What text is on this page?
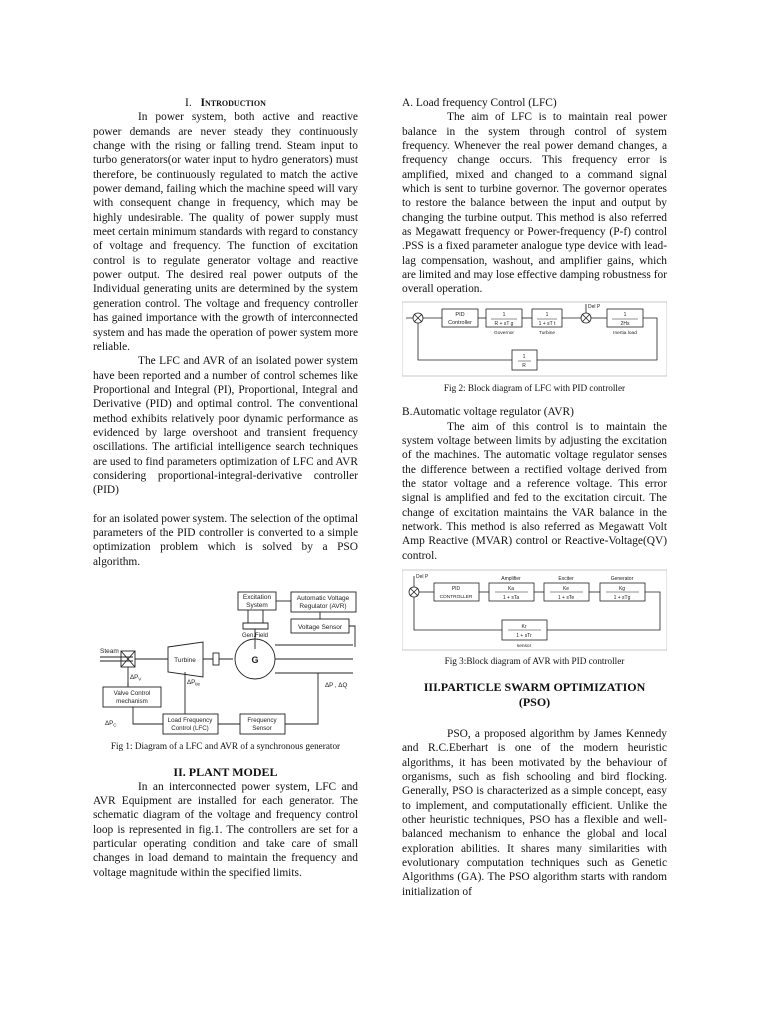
I. Introduction

In power system, both active and reactive power demands are never steady they continuously change with the rising or falling trend. Steam input to turbo generators(or water input to hydro generators) must therefore, be continuously regulated to match the active power demand, failing which the machine speed will vary with consequent change in frequency, which may be highly undesirable. The quality of power supply must meet certain minimum standards with regard to constancy of voltage and frequency. The function of excitation control is to regulate generator voltage and reactive power output. The desired real power outputs of the Individual generating units are determined by the system generation control. The voltage and frequency controller has gained importance with the growth of interconnected system and has made the operation of power system more reliable.

The LFC and AVR of an isolated power system have been reported and a number of control schemes like Proportional and Integral (PI), Proportional, Integral and Derivative (PID) and optimal control. The conventional method exhibits relatively poor dynamic performance as evidenced by large overshoot and transient frequency oscillations. The artificial intelligence search techniques are used to find parameters optimization of LFC and AVR considering proportional-integral-derivative controller (PID)

for an isolated power system. The selection of the optimal parameters of the PID controller is converted to a simple optimization problem which is solved by a PSO algorithm.

Excitation
System
Automatic Voltage
Regulator (AVR)
Voltage Sensor
Gen.Field
Steam
Turbine	G
$\Delta P_V$	$\Delta P_{tie}$
Valve Control
mechanism
$\Delta P_C$
Load Frequency
Control (LFC)
Frequency
Sensor
ΔP , ΔQ

Fig 1: Diagram of a LFC and AVR of a synchronous generator

II. PLANT MODEL

In an interconnected power system, LFC and AVR Equipment are installed for each generator. The schematic diagram of the voltage and frequency control loop is represented in fig.1. The controllers are set for a particular operating condition and take care of small changes in load demand to maintain the frequency and voltage magnitude within the specified limits.

A. Load frequency Control (LFC)

The aim of LFC is to maintain real power balance in the system through control of system frequency. Whenever the real power demand changes, a frequency change occurs. This frequency error is amplified, mixed and changed to a command signal which is sent to turbine governor. The governor operates to restore the balance between the input and output by changing the turbine output. This method is also referred as Megawatt frequency or Power-frequency (P-f) control .PSS is a fixed parameter analogue type device with lead-lag compensation, washout, and amplifier gains, which are limited and may lose effective damping robustness for overall operation.

PID
Controller
1
R + sT g
1
1 + sT t
Del P
1
2Hs
Governor	Turbine	Inertia load
1
R

Fig 2: Block diagram of LFC with PID controller

B.Automatic voltage regulator (AVR)

The aim of this control is to maintain the system voltage between limits by adjusting the excitation of the machines. The automatic voltage regulator senses the difference between a rectified voltage derived from the stator voltage and a reference voltage. This error signal is amplified and fed to the excitation circuit. The change of excitation maintains the VAR balance in the network. This method is also referred as Megawatt Volt Amp Reactive (MVAR) control or Reactive-Voltage(QV) control.

Del P
PID
CONTROLLER
Amplifier	Exciter	Generator
Ka
1 + sTa
Ke
1 + sTe
Kg
1 + sTg
Kr
1 + sTr
sensor

Fig 3:Block diagram of AVR with PID controller

III.PARTICLE SWARM OPTIMIZATION

(PSO)

PSO, a proposed algorithm by James Kennedy and R.C.Eberhart is one of the modern heuristic algorithms, it has been motivated by the behaviour of organisms, such as fish schooling and bird flocking. Generally, PSO is characterized as a simple concept, easy to implement, and computationally efficient. Unlike the other heuristic techniques, PSO has a flexible and well-balanced mechanism to enhance the global and local exploration abilities. It shares many similarities with evolutionary computation techniques such as Genetic Algorithms (GA). The PSO algorithm starts with random initialization of
